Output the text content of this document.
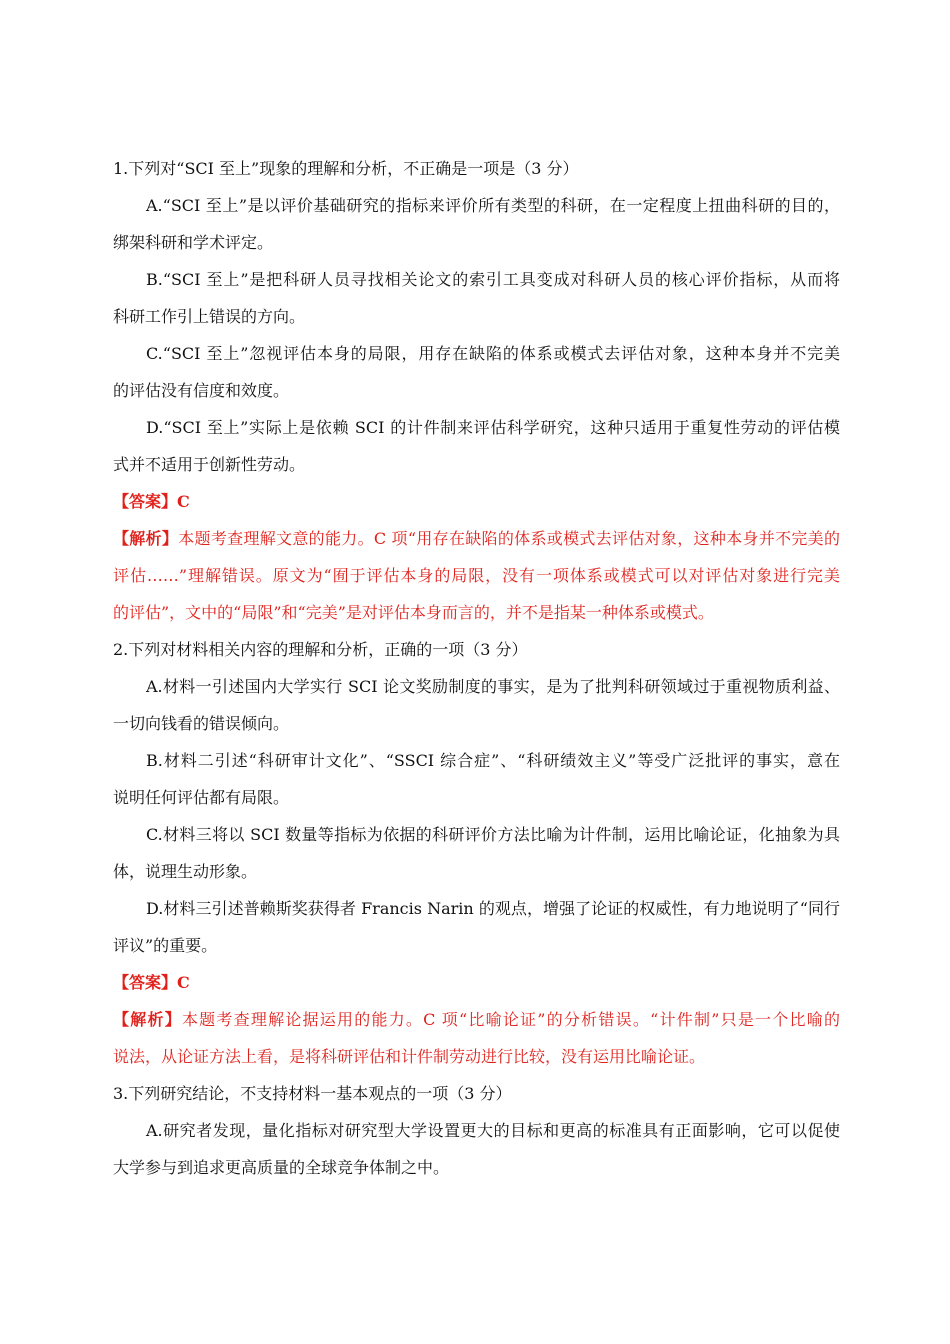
1.下列对“SCI 至上”现象的理解和分析，不正确是一项是（3 分）
A.“SCI 至上”是以评价基础研究的指标来评价所有类型的科研，在一定程度上扭曲科研的目的，
绑架科研和学术评定。
B.“SCI 至上”是把科研人员寻找相关论文的索引工具变成对科研人员的核心评价指标，从而将
科研工作引上错误的方向。
C.“SCI 至上”忽视评估本身的局限，用存在缺陷的体系或模式去评估对象，这种本身并不完美
的评估没有信度和效度。
D.“SCI 至上”实际上是依赖 SCI 的计件制来评估科学研究，这种只适用于重复性劳动的评估模
式并不适用于创新性劳动。
【答案】C
【解析】本题考查理解文意的能力。C 项“用存在缺陷的体系或模式去评估对象，这种本身并不完美的
评估……”理解错误。原文为“囿于评估本身的局限，没有一项体系或模式可以对评估对象进行完美
的评估”，文中的“局限”和“完美”是对评估本身而言的，并不是指某一种体系或模式。
2.下列对材料相关内容的理解和分析，正确的一项（3 分）
A.材料一引述国内大学实行 SCI 论文奖励制度的事实，是为了批判科研领域过于重视物质利益、
一切向钱看的错误倾向。
B.材料二引述“科研审计文化”、“SSCI 综合症”、“科研绩效主义”等受广泛批评的事实，意在
说明任何评估都有局限。
C.材料三将以 SCI 数量等指标为依据的科研评价方法比喻为计件制，运用比喻论证，化抽象为具
体，说理生动形象。
D.材料三引述普赖斯奖获得者 Francis Narin 的观点，增强了论证的权威性，有力地说明了“同行
评议”的重要。
【答案】C
【解析】本题考查理解论据运用的能力。C 项“比喻论证”的分析错误。“计件制”只是一个比喻的
说法，从论证方法上看，是将科研评估和计件制劳动进行比较，没有运用比喻论证。
3.下列研究结论，不支持材料一基本观点的一项（3 分）
A.研究者发现，量化指标对研究型大学设置更大的目标和更高的标准具有正面影响，它可以促使
大学参与到追求更高质量的全球竞争体制之中。
